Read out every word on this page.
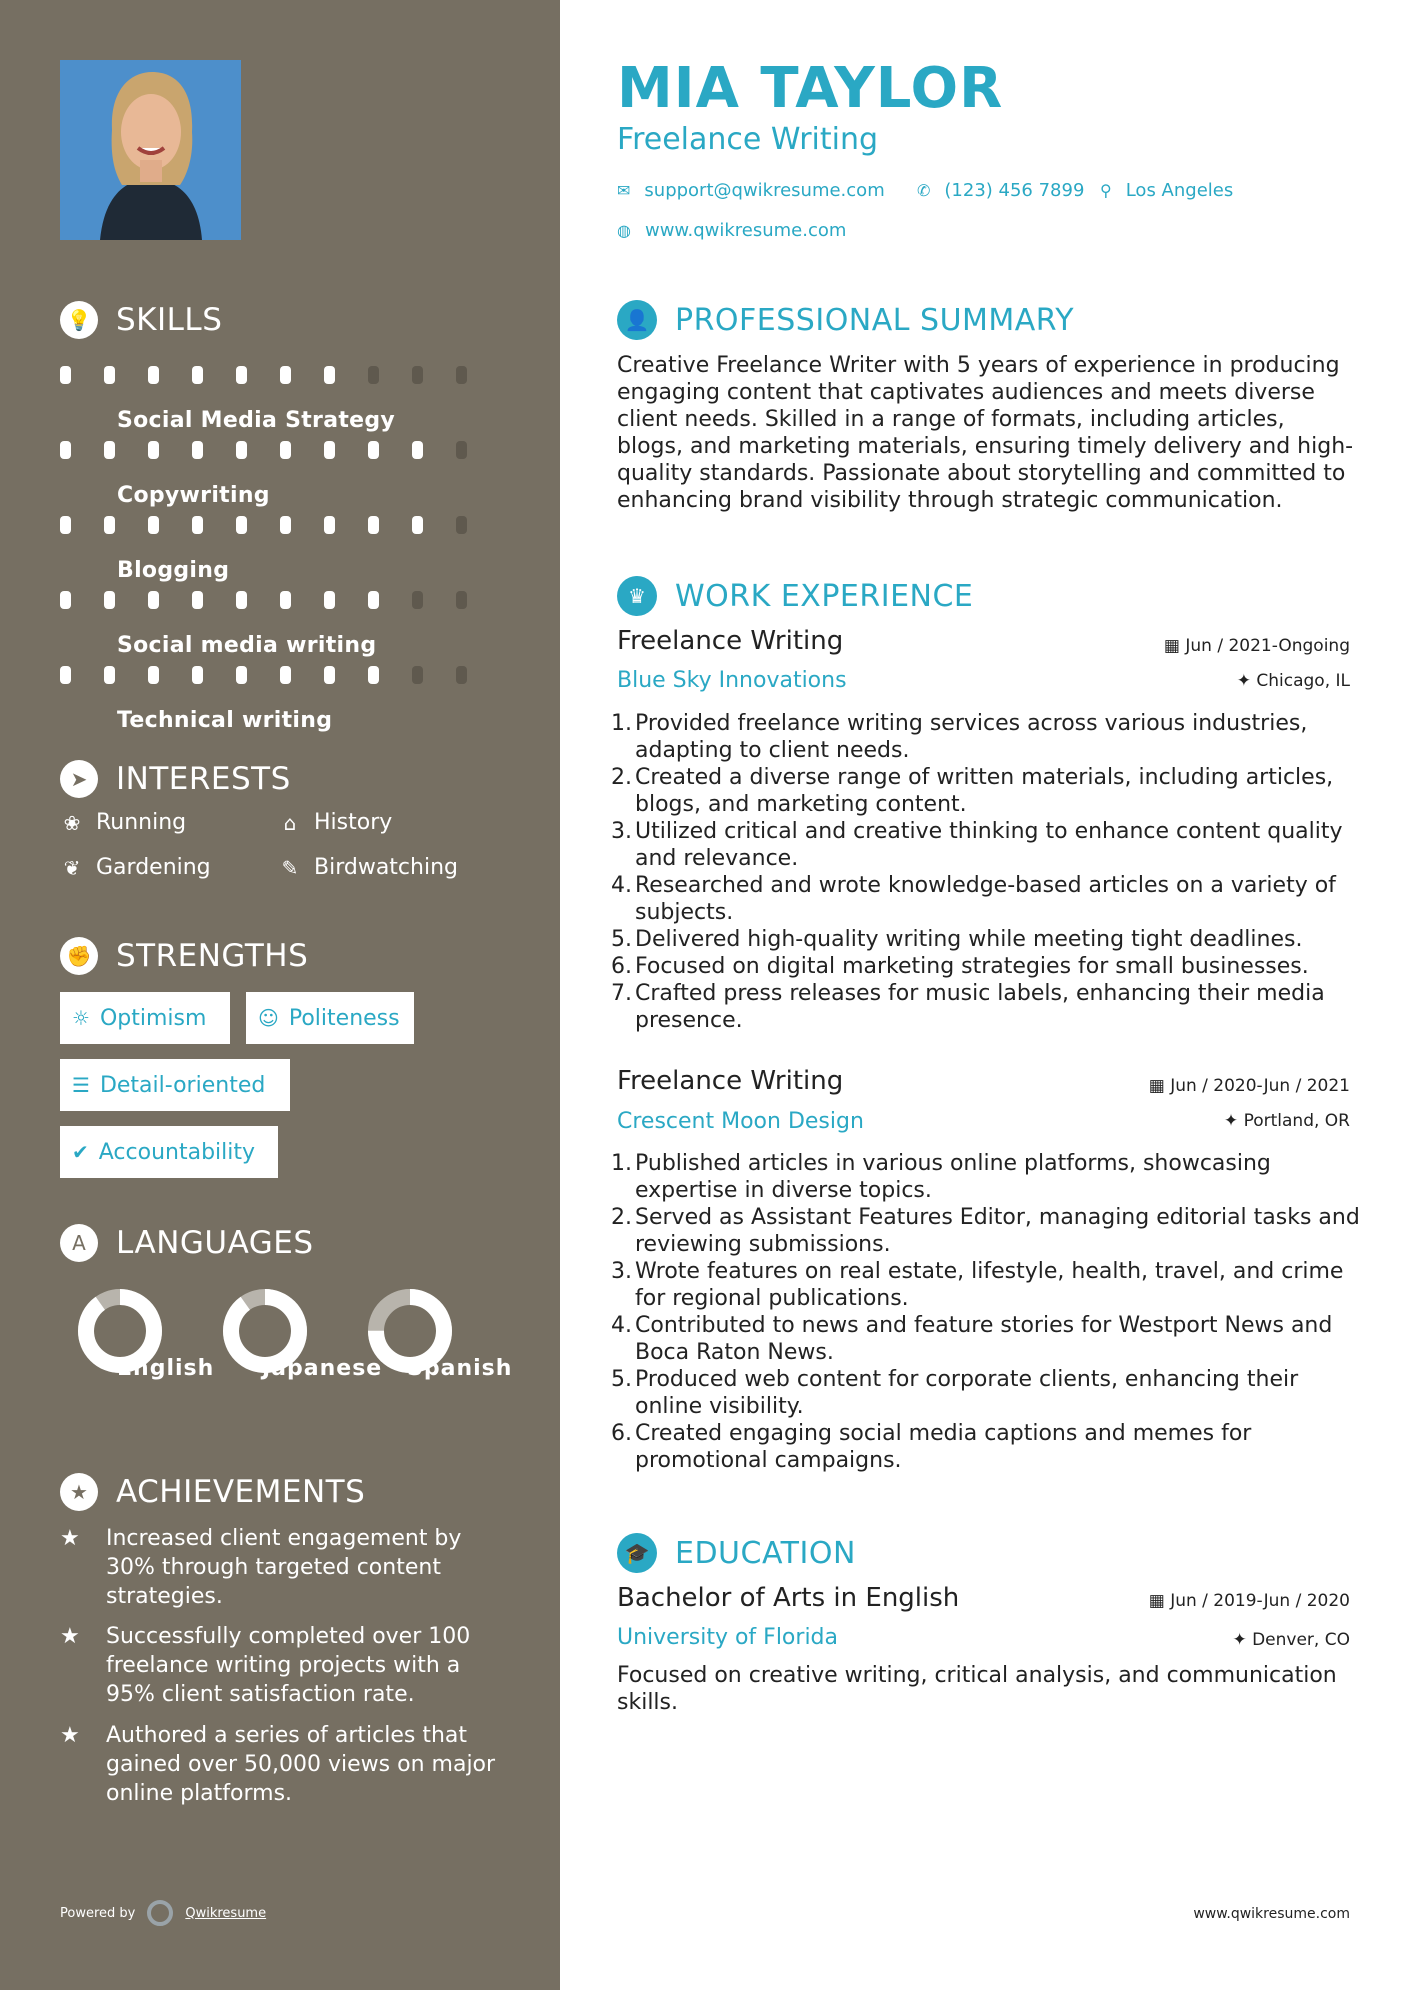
💡 SKILLS
Social Media Strategy
Copywriting
Blogging
Social media writing
Technical writing
➤ INTERESTS
❀ Running	⌂ History
❦ Gardening	✎ Birdwatching
✊ STRENGTHS
☼ Optimism	☺ Politeness
☰ Detail-oriented
✔ Accountability
A LANGUAGES
English Japanese Spanish
★ ACHIEVEMENTS
★	Increased client engagement by 30% through targeted content strategies.
★	Successfully completed over 100 freelance writing projects with a 95% client satisfaction rate.
★	Authored a series of articles that gained over 50,000 views on major online platforms.
Powered by	Qwikresume
MIA TAYLOR
Freelance Writing
✉ support@qwikresume.com ✆ (123) 456 7899 ⚲ Los Angeles
◍ www.qwikresume.com
👤 PROFESSIONAL SUMMARY
Creative Freelance Writer with 5 years of experience in producing engaging content that captivates audiences and meets diverse client needs. Skilled in a range of formats, including articles, blogs, and marketing materials, ensuring timely delivery and high-quality standards. Passionate about storytelling and committed to enhancing brand visibility through strategic communication.
♛ WORK EXPERIENCE
Freelance Writing	▦ Jun / 2021-Ongoing
Blue Sky Innovations	✦ Chicago, IL
1. Provided freelance writing services across various industries, adapting to client needs.
2. Created a diverse range of written materials, including articles, blogs, and marketing content.
3. Utilized critical and creative thinking to enhance content quality and relevance.
4. Researched and wrote knowledge-based articles on a variety of subjects.
5. Delivered high-quality writing while meeting tight deadlines.
6. Focused on digital marketing strategies for small businesses.
7. Crafted press releases for music labels, enhancing their media presence.
Freelance Writing	▦ Jun / 2020-Jun / 2021
Crescent Moon Design	✦ Portland, OR
1. Published articles in various online platforms, showcasing expertise in diverse topics.
2. Served as Assistant Features Editor, managing editorial tasks and reviewing submissions.
3. Wrote features on real estate, lifestyle, health, travel, and crime for regional publications.
4. Contributed to news and feature stories for Westport News and Boca Raton News.
5. Produced web content for corporate clients, enhancing their online visibility.
6. Created engaging social media captions and memes for promotional campaigns.
🎓 EDUCATION
Bachelor of Arts in English	▦ Jun / 2019-Jun / 2020
University of Florida	✦ Denver, CO
Focused on creative writing, critical analysis, and communication skills.
www.qwikresume.com
